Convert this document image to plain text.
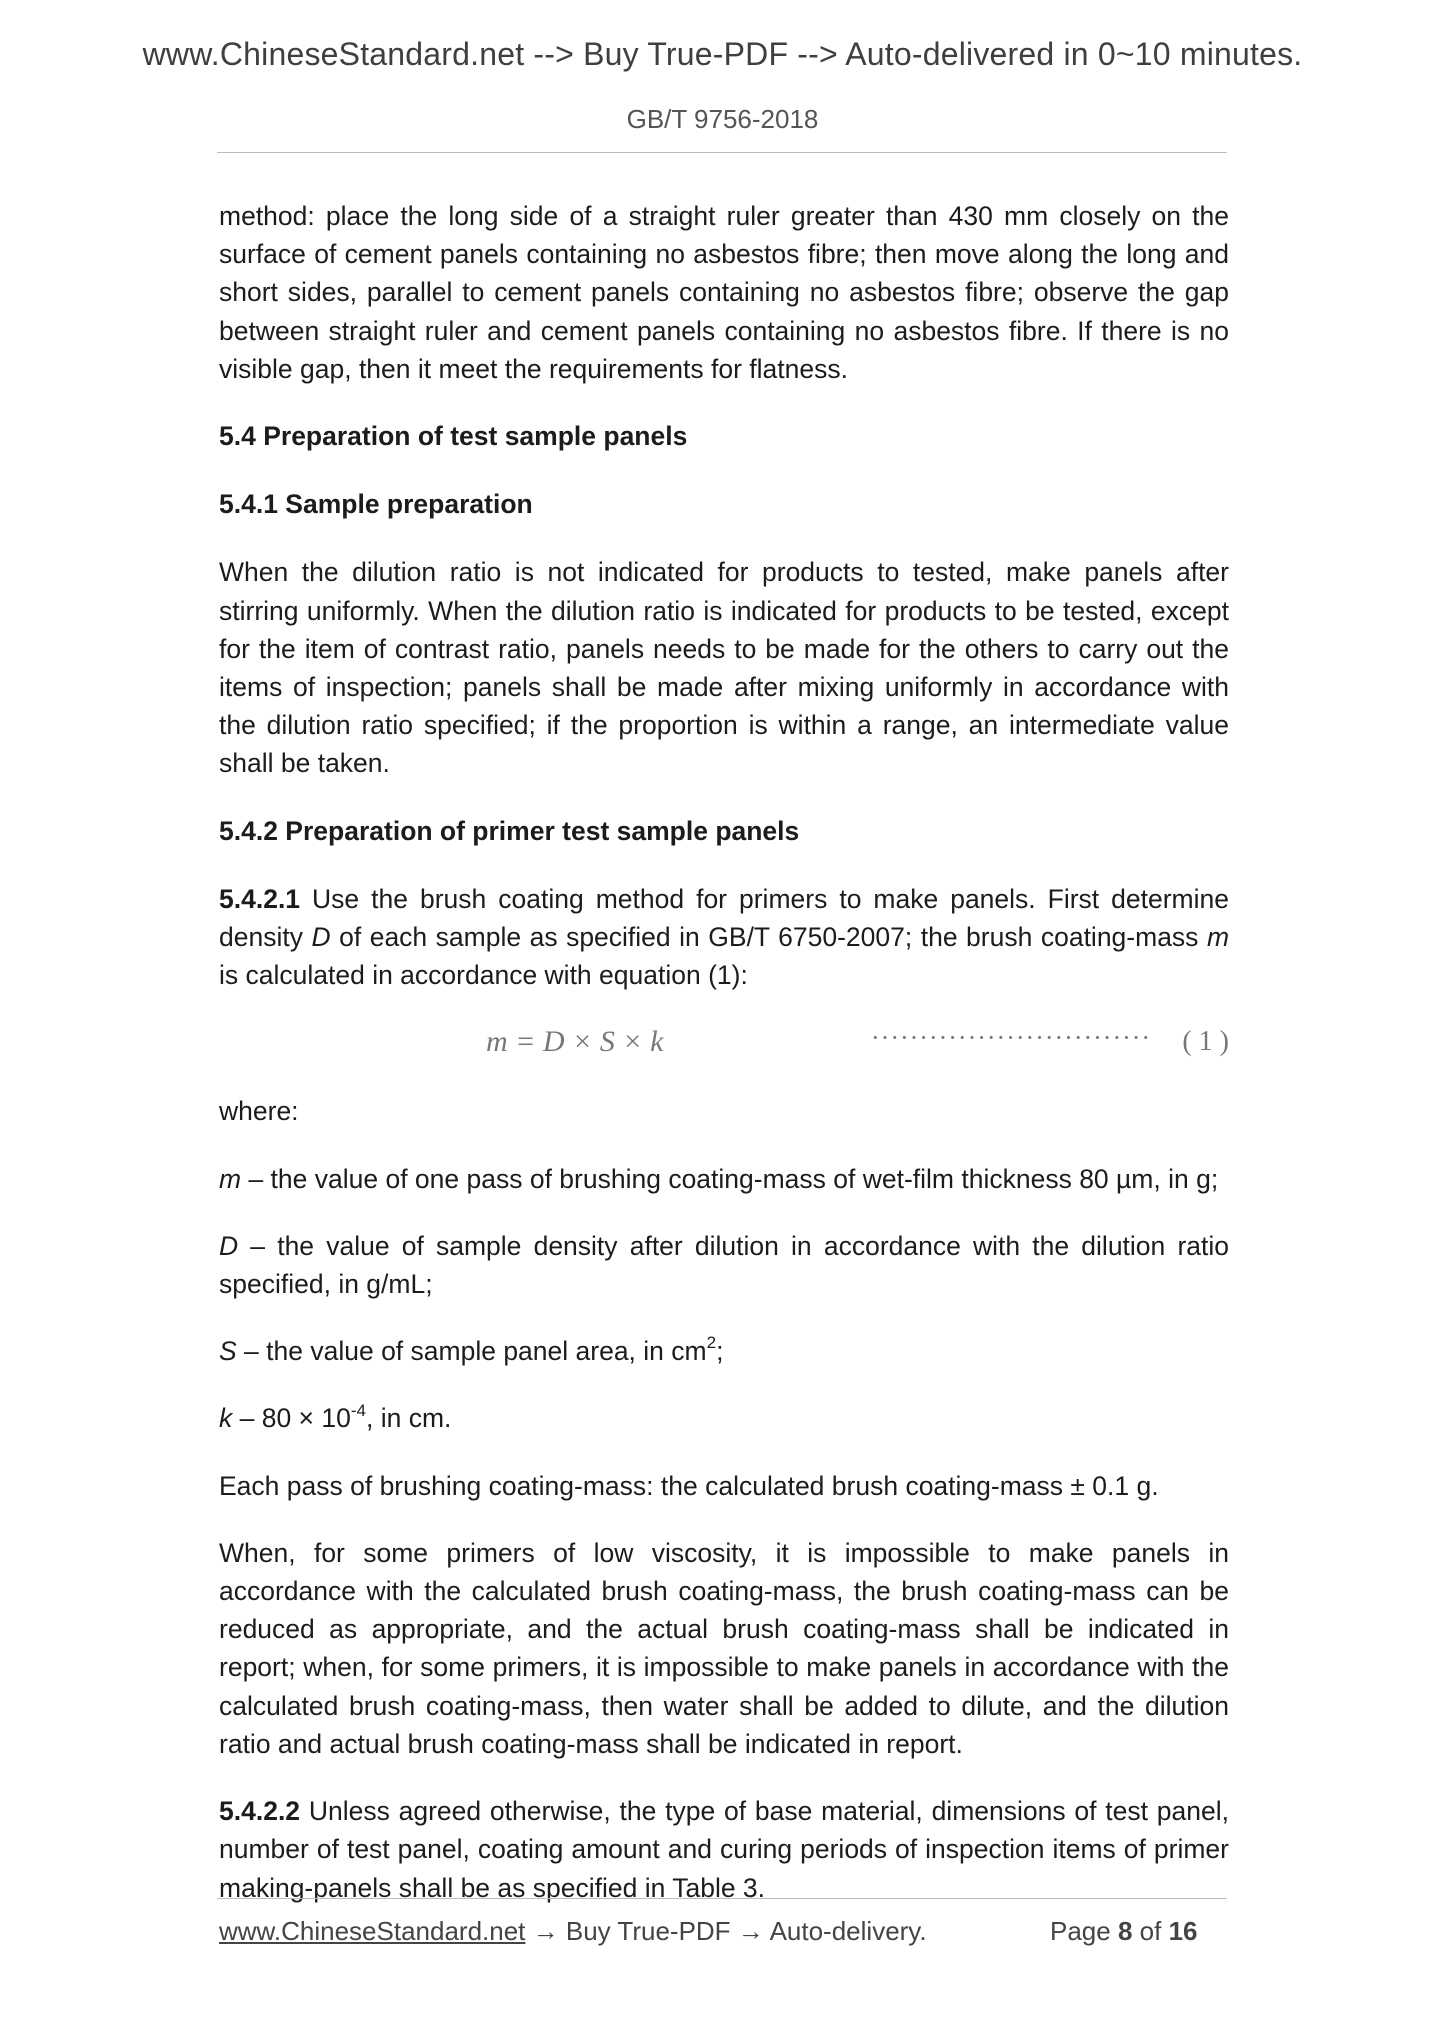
www.ChineseStandard.net --> Buy True-PDF --> Auto-delivered in 0~10 minutes.
GB/T 9756-2018

method: place the long side of a straight ruler greater than 430 mm closely on the surface of cement panels containing no asbestos fibre; then move along the long and short sides, parallel to cement panels containing no asbestos fibre; observe the gap between straight ruler and cement panels containing no asbestos fibre. If there is no visible gap, then it meet the requirements for flatness.

5.4 Preparation of test sample panels

5.4.1 Sample preparation

When the dilution ratio is not indicated for products to tested, make panels after stirring uniformly. When the dilution ratio is indicated for products to be tested, except for the item of contrast ratio, panels needs to be made for the others to carry out the items of inspection; panels shall be made after mixing uniformly in accordance with the dilution ratio specified; if the proportion is within a range, an intermediate value shall be taken.

5.4.2 Preparation of primer test sample panels

5.4.2.1 Use the brush coating method for primers to make panels. First determine density D of each sample as specified in GB/T 6750-2007; the brush coating-mass m is calculated in accordance with equation (1):

m = D × S × k	····························· ( 1 )

where:

m – the value of one pass of brushing coating-mass of wet-film thickness 80 µm, in g;

D – the value of sample density after dilution in accordance with the dilution ratio specified, in g/mL;

S – the value of sample panel area, in $cm^2$;

$k - 80 \times 10^{-4}$, in cm.

Each pass of brushing coating-mass: the calculated brush coating-mass ± 0.1 g.

When, for some primers of low viscosity, it is impossible to make panels in accordance with the calculated brush coating-mass, the brush coating-mass can be reduced as appropriate, and the actual brush coating-mass shall be indicated in report; when, for some primers, it is impossible to make panels in accordance with the calculated brush coating-mass, then water shall be added to dilute, and the dilution ratio and actual brush coating-mass shall be indicated in report.

5.4.2.2 Unless agreed otherwise, the type of base material, dimensions of test panel, number of test panel, coating amount and curing periods of inspection items of primer making-panels shall be as specified in Table 3.

www.ChineseStandard.net → Buy True-PDF → Auto-delivery.	Page 8 of 16
